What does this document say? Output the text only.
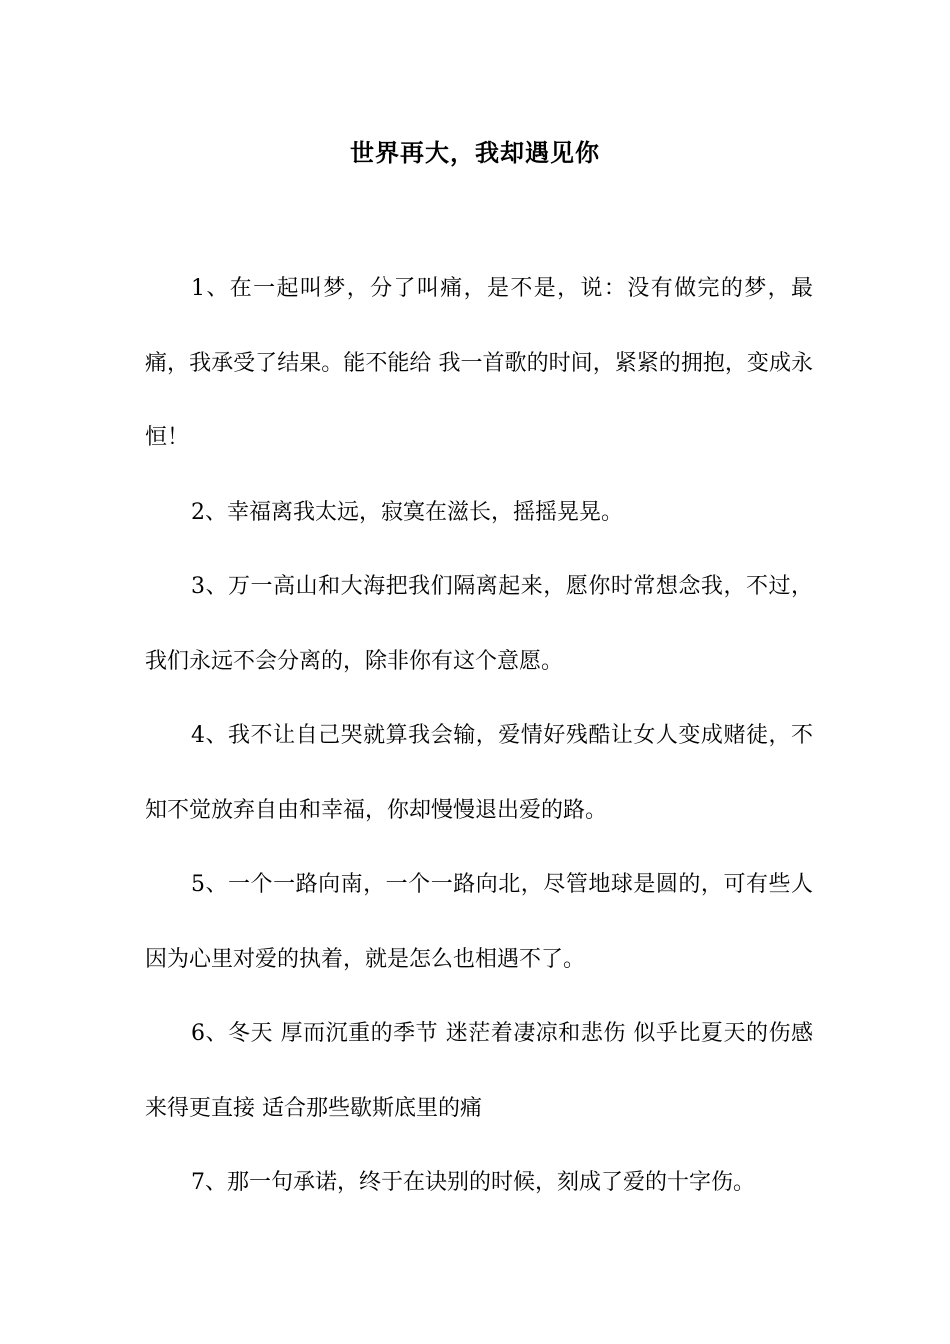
世界再大，我却遇见你

1、在一起叫梦，分了叫痛，是不是，说：没有做完的梦，最痛，我承受了结果。能不能给 我一首歌的时间，紧紧的拥抱，变成永恒！

2、幸福离我太远，寂寞在滋长，摇摇晃晃。

3、万一高山和大海把我们隔离起来，愿你时常想念我，不过，我们永远不会分离的，除非你有这个意愿。

4、我不让自己哭就算我会输，爱情好残酷让女人变成赌徒，不知不觉放弃自由和幸福，你却慢慢退出爱的路。

5、一个一路向南，一个一路向北，尽管地球是圆的，可有些人因为心里对爱的执着，就是怎么也相遇不了。

6、冬天 厚而沉重的季节 迷茫着凄凉和悲伤 似乎比夏天的伤感来得更直接 适合那些歇斯底里的痛

7、那一句承诺，终于在诀别的时候，刻成了爱的十字伤。
